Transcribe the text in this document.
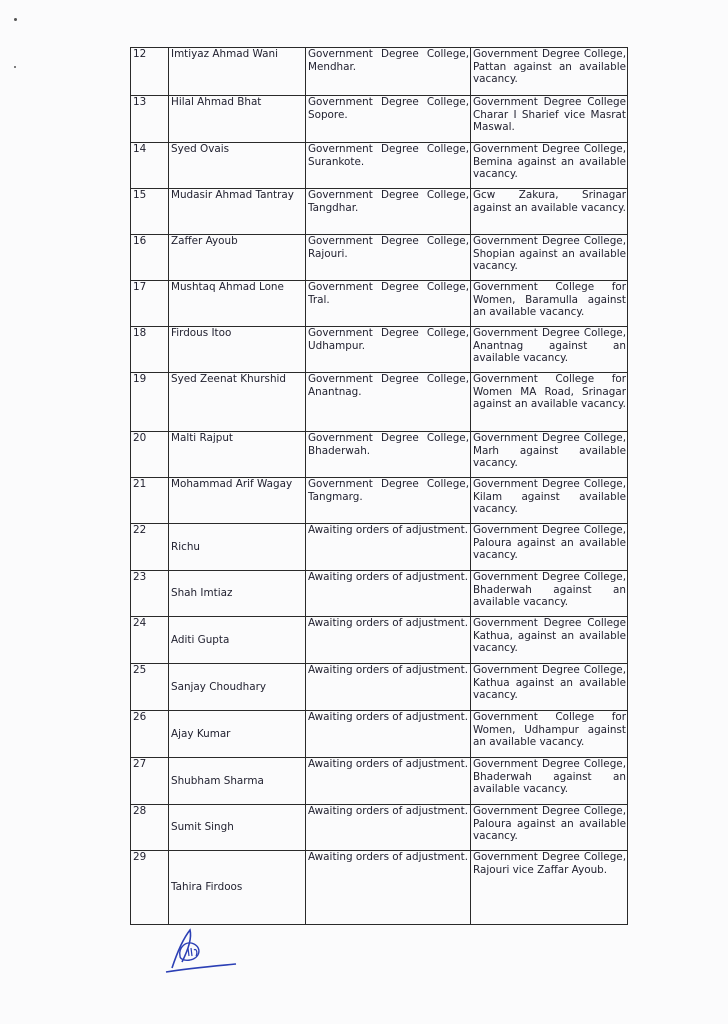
12	Imtiyaz Ahmad Wani	Government Degree College, Mendhar.	Government Degree College, Pattan against an available vacancy.
13	Hilal Ahmad Bhat	Government Degree College, Sopore.	Government Degree College Charar I Sharief vice Masrat Maswal.
14	Syed Ovais	Government Degree College, Surankote.	Government Degree College, Bemina against an available vacancy.
15	Mudasir Ahmad Tantray	Government Degree College, Tangdhar.	Gcw Zakura, Srinagar against an available vacancy.
16	Zaffer Ayoub	Government Degree College, Rajouri.	Government Degree College, Shopian against an available vacancy.
17	Mushtaq Ahmad Lone	Government Degree College, Tral.	Government College for Women, Baramulla against an available vacancy.
18	Firdous Itoo	Government Degree College, Udhampur.	Government Degree College, Anantnag against an available vacancy.
19	Syed Zeenat Khurshid	Government Degree College, Anantnag.	Government College for Women MA Road, Srinagar against an available vacancy.
20	Malti Rajput	Government Degree College, Bhaderwah.	Government Degree College, Marh against available vacancy.
21	Mohammad Arif Wagay	Government Degree College, Tangmarg.	Government Degree College, Kilam against available vacancy.
22	Richu	Awaiting orders of adjustment.	Government Degree College, Paloura against an available vacancy.
23	Shah Imtiaz	Awaiting orders of adjustment.	Government Degree College, Bhaderwah against an available vacancy.
24	Aditi Gupta	Awaiting orders of adjustment.	Government Degree College Kathua, against an available vacancy.
25	Sanjay Choudhary	Awaiting orders of adjustment.	Government Degree College, Kathua against an available vacancy.
26	Ajay Kumar	Awaiting orders of adjustment.	Government College for Women, Udhampur against an available vacancy.
27	Shubham Sharma	Awaiting orders of adjustment.	Government Degree College, Bhaderwah against an available vacancy.
28	Sumit Singh	Awaiting orders of adjustment.	Government Degree College, Paloura against an available vacancy.
29	Tahira Firdoos	Awaiting orders of adjustment.	Government Degree College, Rajouri vice Zaffar Ayoub.
